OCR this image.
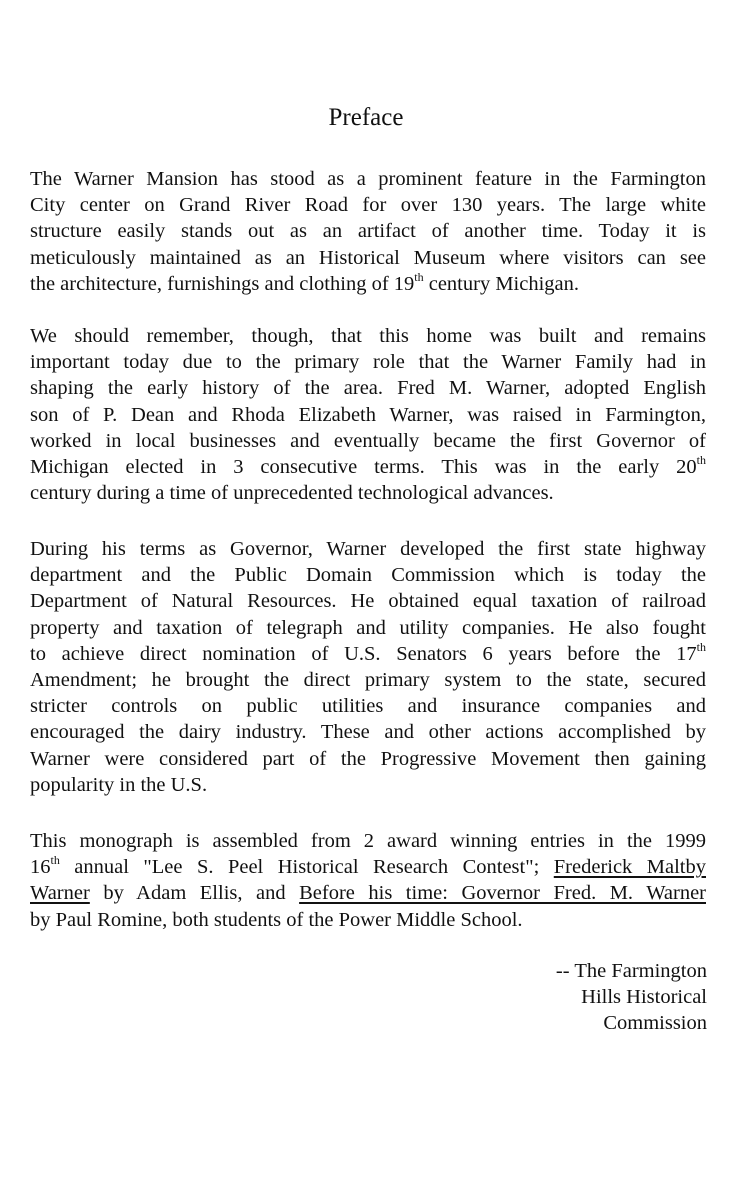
Preface
The Warner Mansion has stood as a prominent feature in the Farmington
City center on Grand River Road for over 130 years. The large white
structure easily stands out as an artifact of another time. Today it is
meticulously maintained as an Historical Museum where visitors can see
the architecture, furnishings and clothing of 19th century Michigan.
We should remember, though, that this home was built and remains
important today due to the primary role that the Warner Family had in
shaping the early history of the area. Fred M. Warner, adopted English
son of P. Dean and Rhoda Elizabeth Warner, was raised in Farmington,
worked in local businesses and eventually became the first Governor of
Michigan elected in 3 consecutive terms. This was in the early 20th
century during a time of unprecedented technological advances.
During his terms as Governor, Warner developed the first state highway
department and the Public Domain Commission which is today the
Department of Natural Resources. He obtained equal taxation of railroad
property and taxation of telegraph and utility companies. He also fought
to achieve direct nomination of U.S. Senators 6 years before the 17th
Amendment; he brought the direct primary system to the state, secured
stricter controls on public utilities and insurance companies and
encouraged the dairy industry. These and other actions accomplished by
Warner were considered part of the Progressive Movement then gaining
popularity in the U.S.
This monograph is assembled from 2 award winning entries in the 1999
16th annual "Lee S. Peel Historical Research Contest"; Frederick Maltby
Warner by Adam Ellis, and Before his time: Governor Fred. M. Warner
by Paul Romine, both students of the Power Middle School.
-- The Farmington
Hills Historical
Commission
